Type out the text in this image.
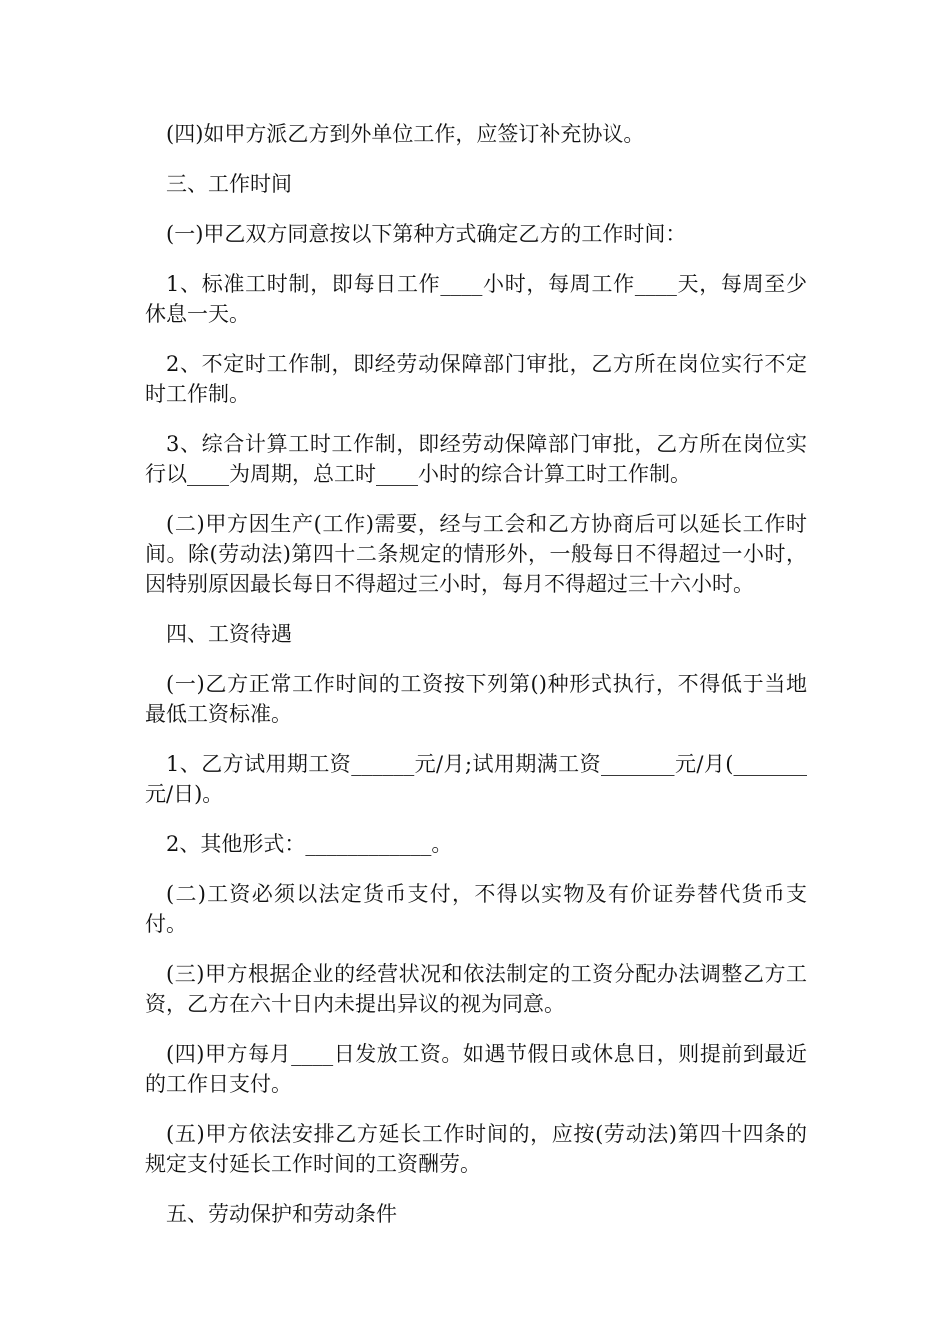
(四)如甲方派乙方到外单位工作，应签订补充协议。

三、工作时间

(一)甲乙双方同意按以下第种方式确定乙方的工作时间：

1、标准工时制，即每日工作____小时，每周工作____天，每周至少休息一天。

2、不定时工作制，即经劳动保障部门审批，乙方所在岗位实行不定时工作制。

3、综合计算工时工作制，即经劳动保障部门审批，乙方所在岗位实行以____为周期，总工时____小时的综合计算工时工作制。

(二)甲方因生产(工作)需要，经与工会和乙方协商后可以延长工作时间。除(劳动法)第四十二条规定的情形外，一般每日不得超过一小时，因特别原因最长每日不得超过三小时，每月不得超过三十六小时。

四、工资待遇

(一)乙方正常工作时间的工资按下列第()种形式执行，不得低于当地最低工资标准。

1、乙方试用期工资______元/月;试用期满工资_______元/月(_______元/日)。

2、其他形式：____________。

(二)工资必须以法定货币支付，不得以实物及有价证券替代货币支付。

(三)甲方根据企业的经营状况和依法制定的工资分配办法调整乙方工资，乙方在六十日内未提出异议的视为同意。

(四)甲方每月____日发放工资。如遇节假日或休息日，则提前到最近的工作日支付。

(五)甲方依法安排乙方延长工作时间的，应按(劳动法)第四十四条的规定支付延长工作时间的工资酬劳。

五、劳动保护和劳动条件
